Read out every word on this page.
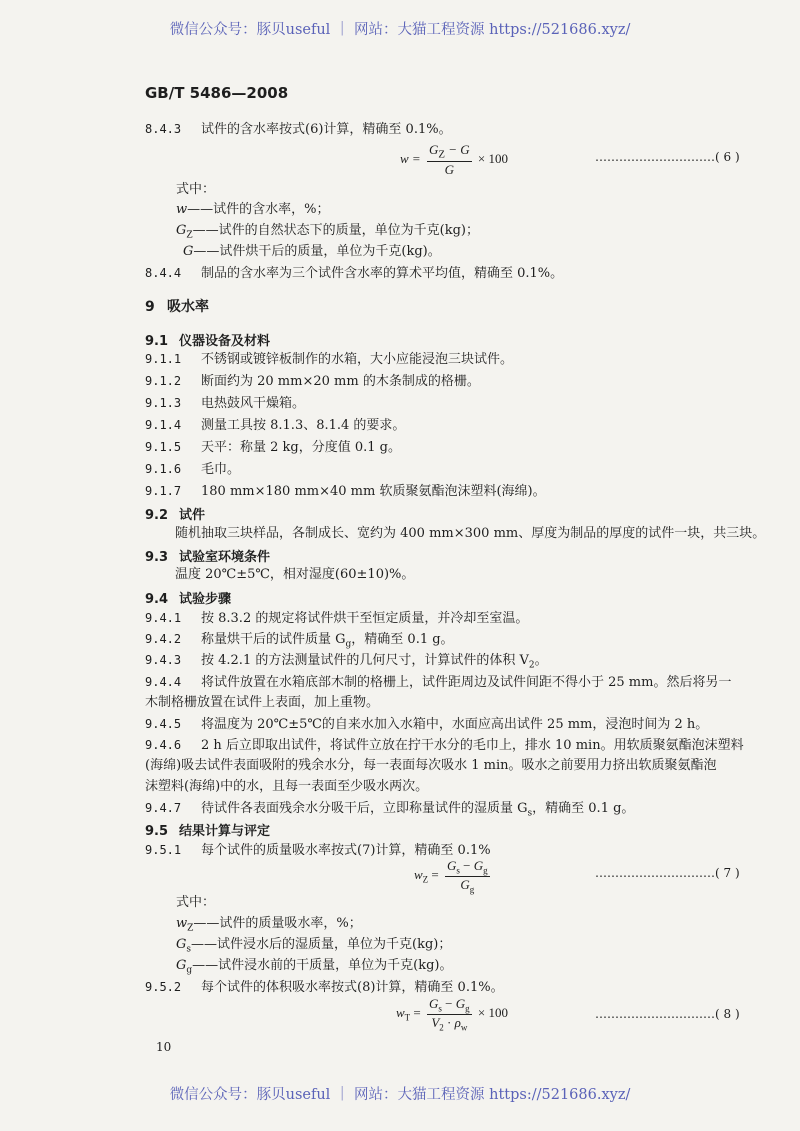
微信公众号：豚贝useful ｜ 网站：大猫工程资源 https://521686.xyz/
GB/T 5486—2008
8.4.3 试件的含水率按式(6)计算，精确至 0.1%。
$w = \frac{G_Z - G}{G} \times 100$	…………………………( 6 )
式中：
w——试件的含水率，%；
$G_Z——$试件的自然状态下的质量，单位为千克(kg)；
G——试件烘干后的质量，单位为千克(kg)。
8.4.4 制品的含水率为三个试件含水率的算术平均值，精确至 0.1%。
9 吸水率
9.1 仪器设备及材料
9.1.1 不锈钢或镀锌板制作的水箱，大小应能浸泡三块试件。
9.1.2 断面约为 20 mm×20 mm 的木条制成的格栅。
9.1.3 电热鼓风干燥箱。
9.1.4 测量工具按 8.1.3、8.1.4 的要求。
9.1.5 天平：称量 2 kg，分度值 0.1 g。
9.1.6 毛巾。
9.1.7 180 mm×180 mm×40 mm 软质聚氨酯泡沫塑料(海绵)。
9.2 试件
随机抽取三块样品，各制成长、宽约为 400 mm×300 mm、厚度为制品的厚度的试件一块，共三块。
9.3 试验室环境条件
温度 20℃±5℃，相对湿度(60±10)%。
9.4 试验步骤
9.4.1 按 8.3.2 的规定将试件烘干至恒定质量，并冷却至室温。
9.4.2 称量烘干后的试件质量 $G_g$，精确至 0.1 g。
9.4.3 按 4.2.1 的方法测量试件的几何尺寸，计算试件的体积 $V_2$。
9.4.4 将试件放置在水箱底部木制的格栅上，试件距周边及试件间距不得小于 25 mm。然后将另一
木制格栅放置在试件上表面，加上重物。
9.4.5 将温度为 20℃±5℃的自来水加入水箱中，水面应高出试件 25 mm，浸泡时间为 2 h。
9.4.6 2 h 后立即取出试件，将试件立放在拧干水分的毛巾上，排水 10 min。用软质聚氨酯泡沫塑料
(海绵)吸去试件表面吸附的残余水分，每一表面每次吸水 1 min。吸水之前要用力挤出软质聚氨酯泡
沫塑料(海绵)中的水，且每一表面至少吸水两次。
9.4.7 待试件各表面残余水分吸干后，立即称量试件的湿质量 $G_s$，精确至 0.1 g。
9.5 结果计算与评定
9.5.1 每个试件的质量吸水率按式(7)计算，精确至 0.1%
$w_Z = \frac{G_s - G_g}{G_g}$	…………………………( 7 )
式中：
$w_Z——$试件的质量吸水率，%；
$G_s——$试件浸水后的湿质量，单位为千克(kg)；
$G_g——$试件浸水前的干质量，单位为千克(kg)。
9.5.2 每个试件的体积吸水率按式(8)计算，精确至 0.1%。
$w_T = \frac{G_s - G_g}{V_2 \cdot \rho_w} \times 100$	…………………………( 8 )
10
微信公众号：豚贝useful ｜ 网站：大猫工程资源 https://521686.xyz/
